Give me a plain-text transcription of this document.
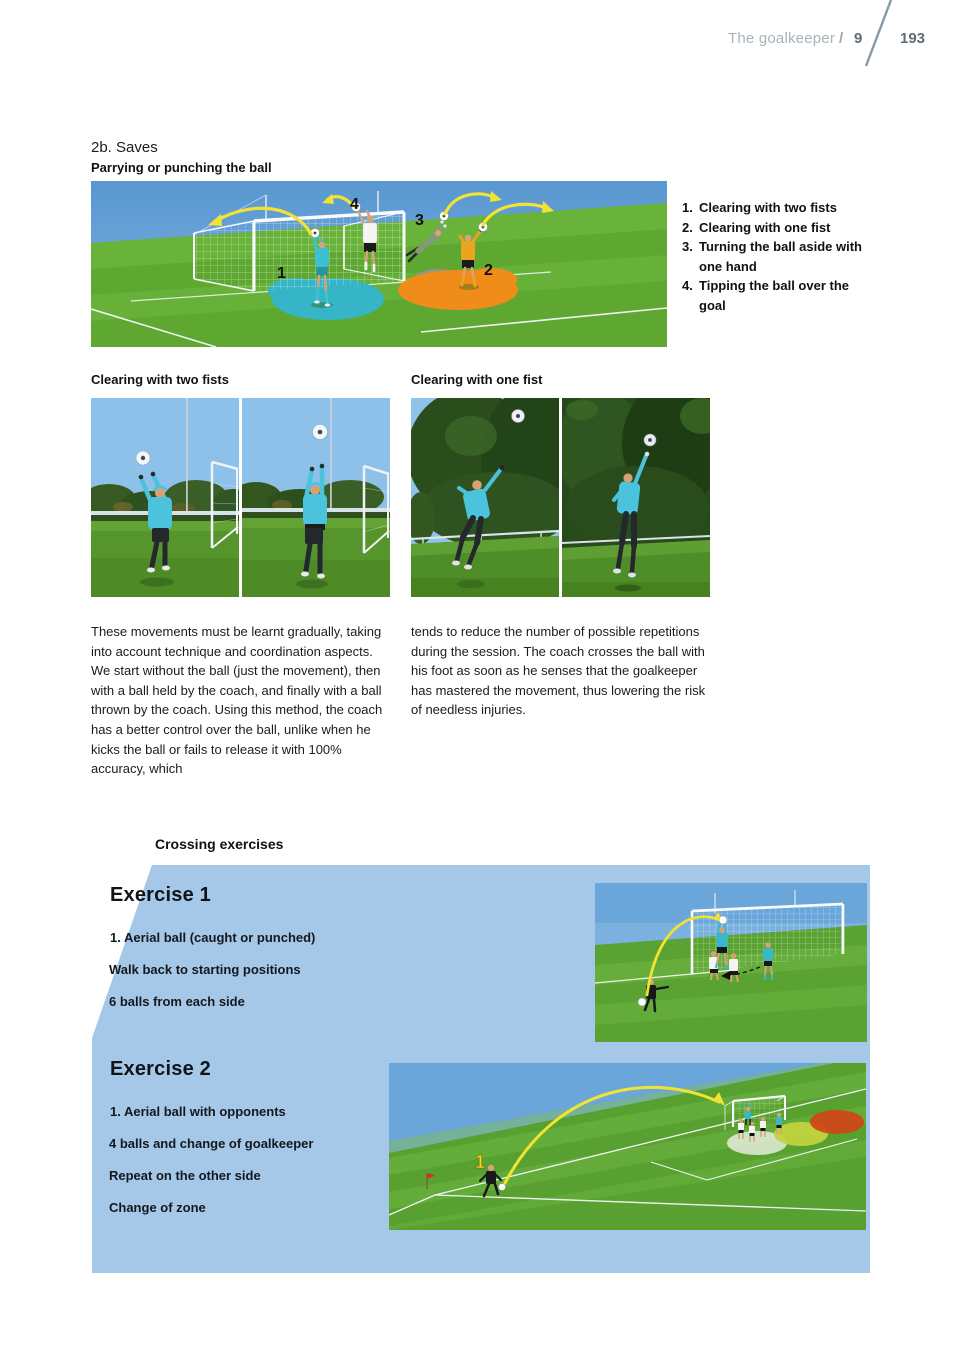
The goalkeeper / 9	193
2b. Saves
Parrying or punching the ball
1
4
3
2
1. Clearing with two fists
2. Clearing with one fist
3. Turning the ball aside with one hand
4. Tipping the ball over the goal
Clearing with two fists	Clearing with one fist
These movements must be learnt gradually, taking into account technique and coordination aspects. We start without the ball (just the movement), then with a ball held by the coach, and finally with a ball thrown by the coach. Using this method, the coach has a better control over the ball, unlike when he kicks the ball or fails to release it with 100% accuracy, which
tends to reduce the number of possible repetitions during the session. The coach crosses the ball with his foot as soon as he senses that the goalkeeper has mastered the movement, thus lowering the risk of needless injuries.
Crossing exercises
Exercise 1
1. Aerial ball (caught or punched)
Walk back to starting positions
6 balls from each side
Exercise 2
1. Aerial ball with opponents
4 balls and change of goalkeeper
Repeat on the other side
Change of zone
1
